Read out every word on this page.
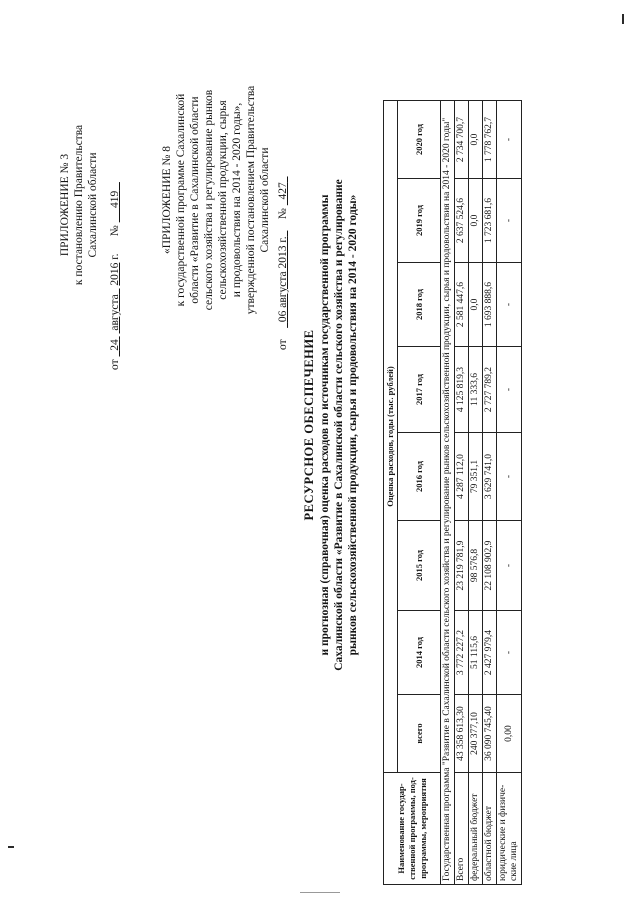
ПРИЛОЖЕНИЕ № 3 к постановлению Правительства Сахалинской области
от   24   августа   2016 г.      №      419	«ПРИЛОЖЕНИЕ № 8 к государственной программе Сахалинской области «Развитие в Сахалинской области сельского хозяйства и регулирование рынков сельскохозяйственной продукции, сырья и продовольствия на 2014 - 2020 годы», утвержденной постановлением Правительства Сахалинской области
от      06 августа 2013 г.      №   427
РЕСУРСНОЕ ОБЕСПЕЧЕНИЕ и прогнозная (справочная) оценка расходов по источникам государственной программы Сахалинской области «Развитие в Сахалинской области сельского хозяйства и регулирование рынков сельскохозяйственной продукции, сырья и продовольствия на 2014 - 2020 годы»
Наименование государ-ственной программы, под-программы, мероприятия	Оценка расходов, годы (тыс. рублей)							
	всего	2014 год	2015 год	2016 год	2017 год	2018 год	2019 год	2020 год
Государственная программа "Развитие в Сахалинской области сельского хозяйства и регулирование рынков сельскохозяйственной продукции, сырья и продовольствия на 2014 - 2020 годы"								
Всего	43 358 613,30	3 772 227,2	23 219 781,9	4 287 112,0	4 125 819,3	2 581 447,6	2 637 524,6	2 734 700,7
федеральный бюджет	240 377,10	51 115,6	98 576,8	79 351,1	11 333,6	0,0	0,0	0,0
областной бюджет	36 090 745,40	2 427 979,4	22 108 902,9	3 629 741,0	2 727 789,2	1 693 888,6	1 723 681,6	1 778 762,7
юридические и физиче-ские лица	0,00	-	-	-	-	-	-	-
